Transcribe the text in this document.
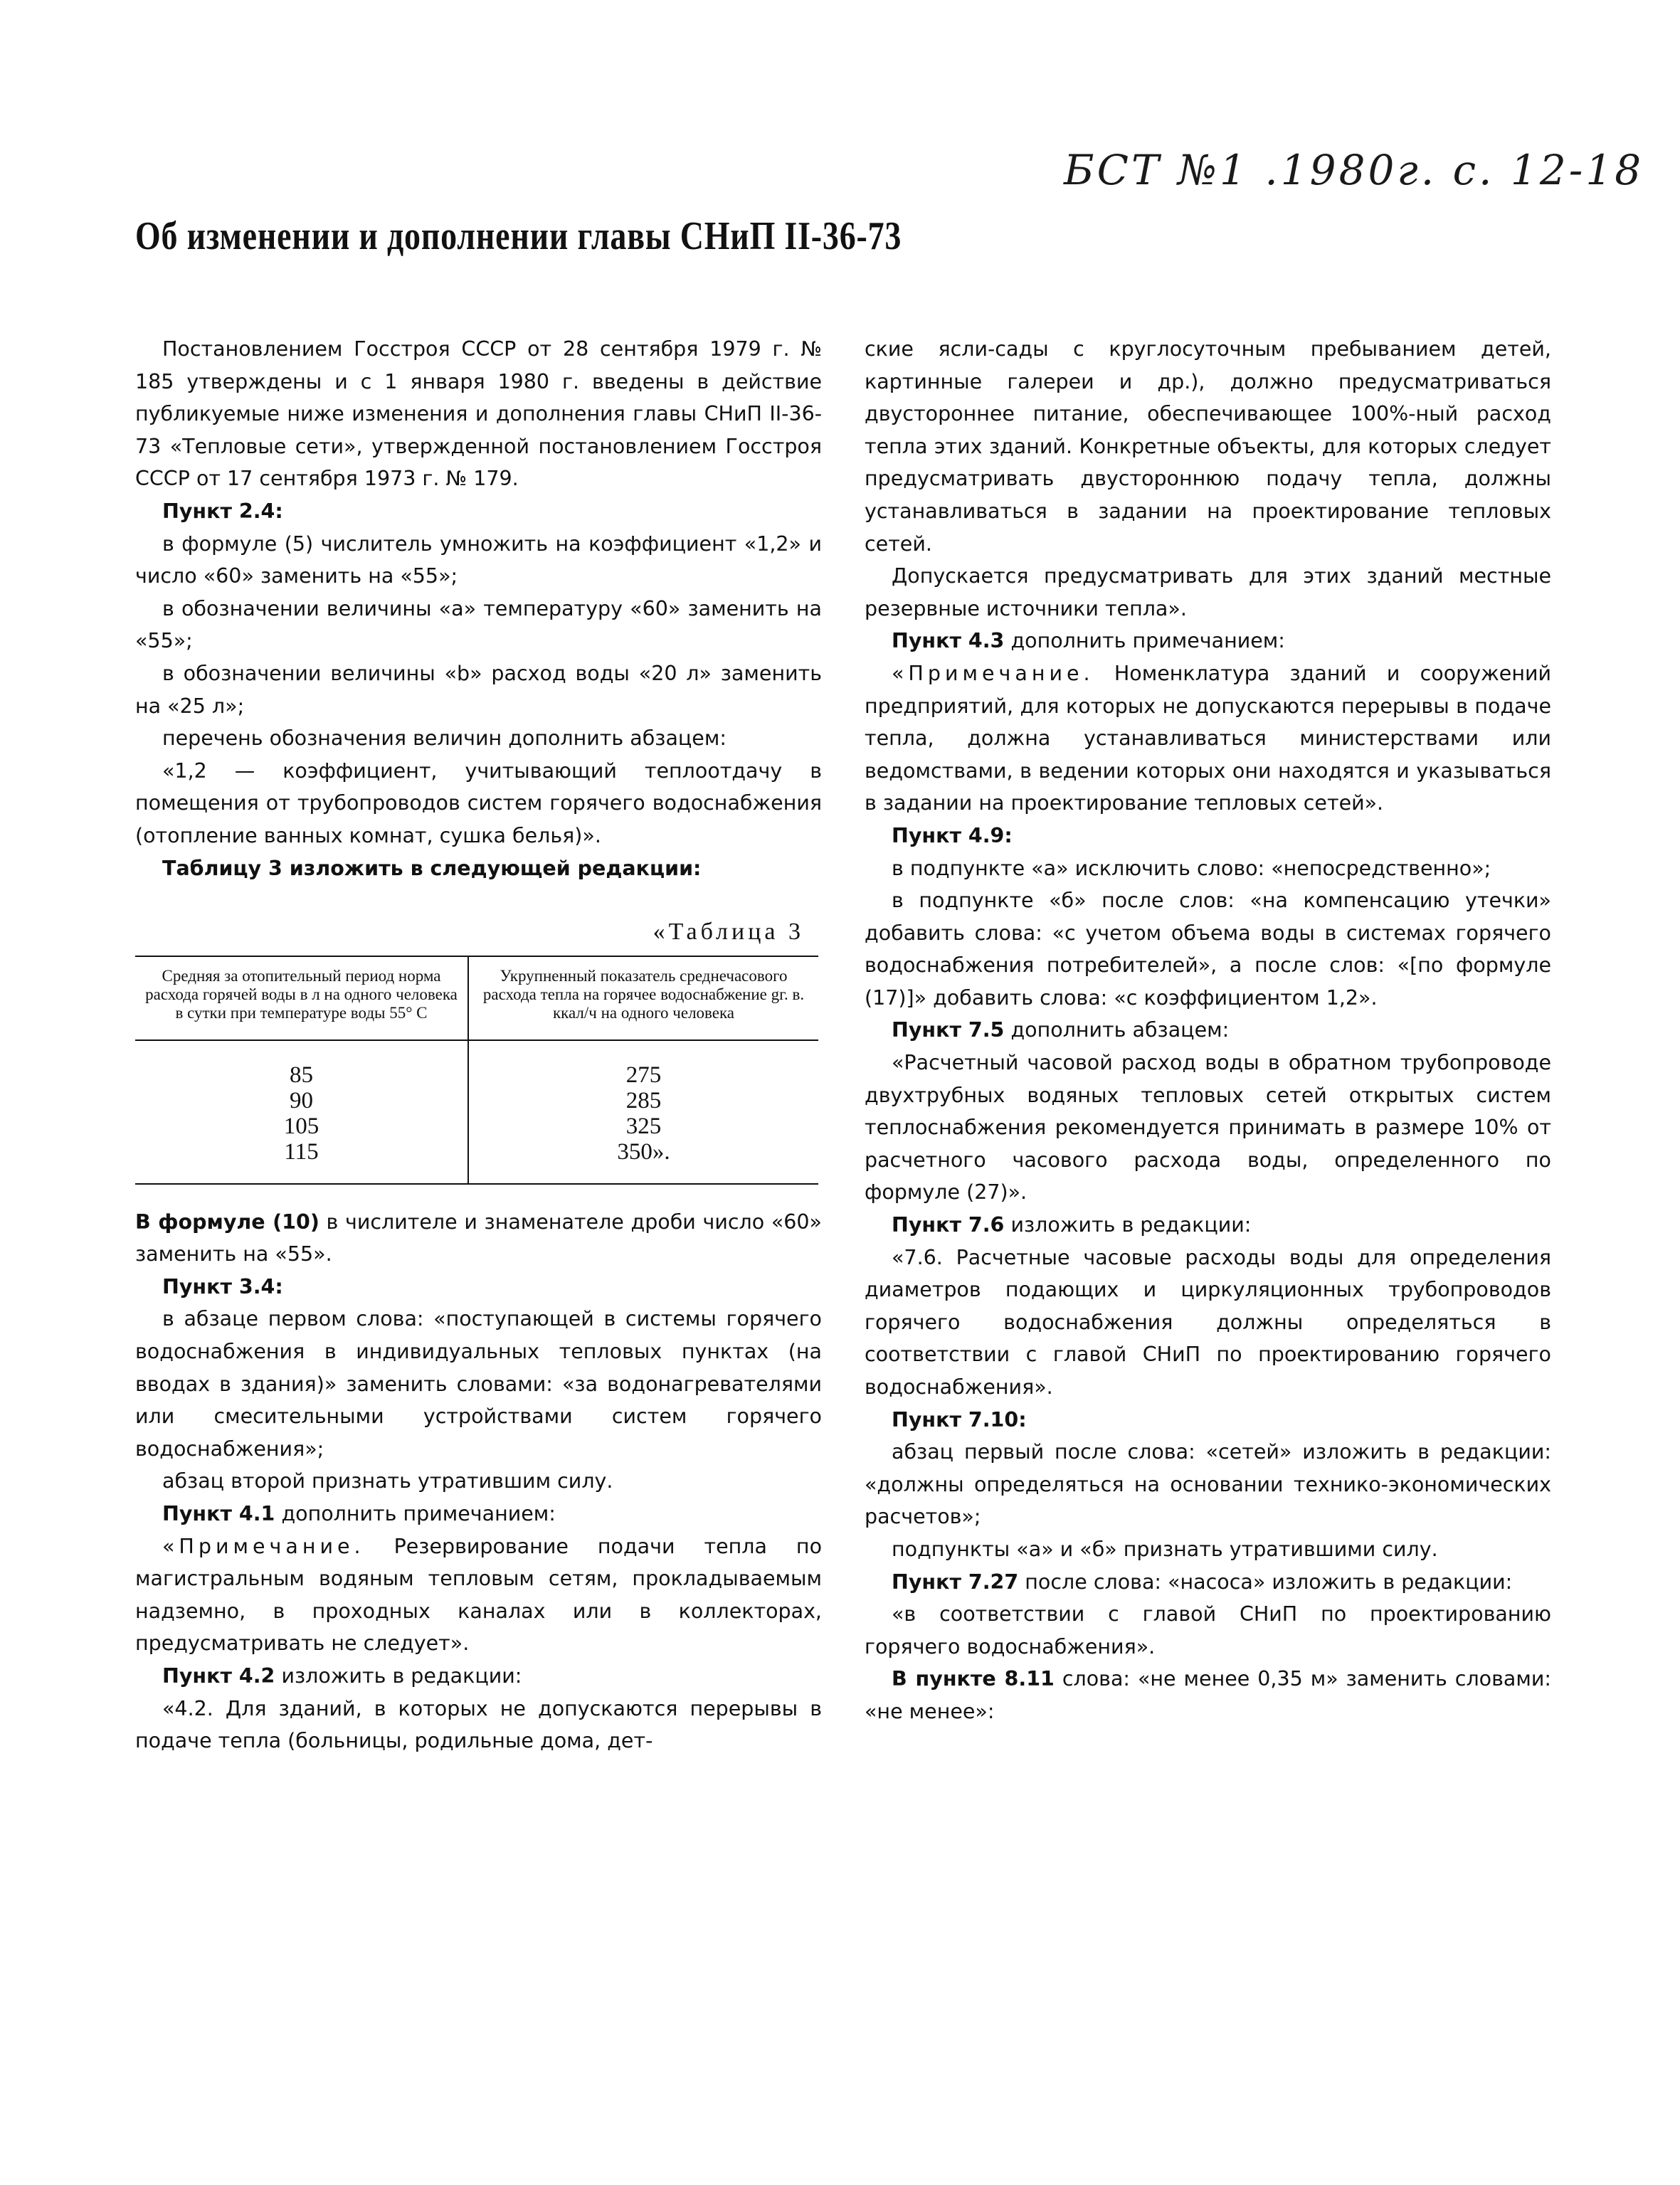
БСТ №1 .1980г. с. 12-18
Об изменении и дополнении главы СНиП II-36-73

Постановлением Госстроя СССР от 28 сентября 1979 г. № 185 утверждены и с 1 января 1980 г. введены в действие публикуемые ниже изменения и дополнения главы СНиП II-36-73 «Тепловые сети», утвержденной постановлением Госстроя СССР от 17 сентября 1973 г. № 179.

Пункт 2.4:

в формуле (5) числитель умножить на коэффициент «1,2» и число «60» заменить на «55»;

в обозначении величины «a» температуру «60» заменить на «55»;

в обозначении величины «b» расход воды «20 л» заменить на «25 л»;

перечень обозначения величин дополнить абзацем:

«1,2 — коэффициент, учитывающий теплоотдачу в помещения от трубопроводов систем горячего водоснабжения (отопление ванных комнат, сушка белья)».

Таблицу 3 изложить в следующей редакции:

«Таблица 3
Средняя за отопительный период норма расхода горячей воды в л на одного человека в сутки при температуре воды 55° С	Укрупненный показатель среднечасового расхода тепла на горячее водоснабжение gг. в. ккал/ч на одного человека
85	275
90	285
105	325
115	350».

В формуле (10) в числителе и знаменателе дроби число «60» заменить на «55».

Пункт 3.4:

в абзаце первом слова: «поступающей в системы горячего водоснабжения в индивидуальных тепловых пунктах (на вводах в здания)» заменить словами: «за водонагревателями или смесительными устройствами систем горячего водоснабжения»;

абзац второй признать утратившим силу.

Пункт 4.1 дополнить примечанием:

«Примечание. Резервирование подачи тепла по магистральным водяным тепловым сетям, прокладываемым надземно, в проходных каналах или в коллекторах, предусматривать не следует».

Пункт 4.2 изложить в редакции:

«4.2. Для зданий, в которых не допускаются перерывы в подаче тепла (больницы, родильные дома, дет-

ские ясли-сады с круглосуточным пребыванием детей, картинные галереи и др.), должно предусматриваться двустороннее питание, обеспечивающее 100%-ный расход тепла этих зданий. Конкретные объекты, для которых следует предусматривать двустороннюю подачу тепла, должны устанавливаться в задании на проектирование тепловых сетей.

Допускается предусматривать для этих зданий местные резервные источники тепла».

Пункт 4.3 дополнить примечанием:

«Примечание. Номенклатура зданий и сооружений предприятий, для которых не допускаются перерывы в подаче тепла, должна устанавливаться министерствами или ведомствами, в ведении которых они находятся и указываться в задании на проектирование тепловых сетей».

Пункт 4.9:

в подпункте «а» исключить слово: «непосредственно»;

в подпункте «б» после слов: «на компенсацию утечки» добавить слова: «с учетом объема воды в системах горячего водоснабжения потребителей», а после слов: «[по формуле (17)]» добавить слова: «с коэффициентом 1,2».

Пункт 7.5 дополнить абзацем:

«Расчетный часовой расход воды в обратном трубопроводе двухтрубных водяных тепловых сетей открытых систем теплоснабжения рекомендуется принимать в размере 10% от расчетного часового расхода воды, определенного по формуле (27)».

Пункт 7.6 изложить в редакции:

«7.6. Расчетные часовые расходы воды для определения диаметров подающих и циркуляционных трубопроводов горячего водоснабжения должны определяться в соответствии с главой СНиП по проектированию горячего водоснабжения».

Пункт 7.10:

абзац первый после слова: «сетей» изложить в редакции: «должны определяться на основании технико-экономических расчетов»;

подпункты «а» и «б» признать утратившими силу.

Пункт 7.27 после слова: «насоса» изложить в редакции:

«в соответствии с главой СНиП по проектированию горячего водоснабжения».

В пункте 8.11 слова: «не менее 0,35 м» заменить словами: «не менее»:
